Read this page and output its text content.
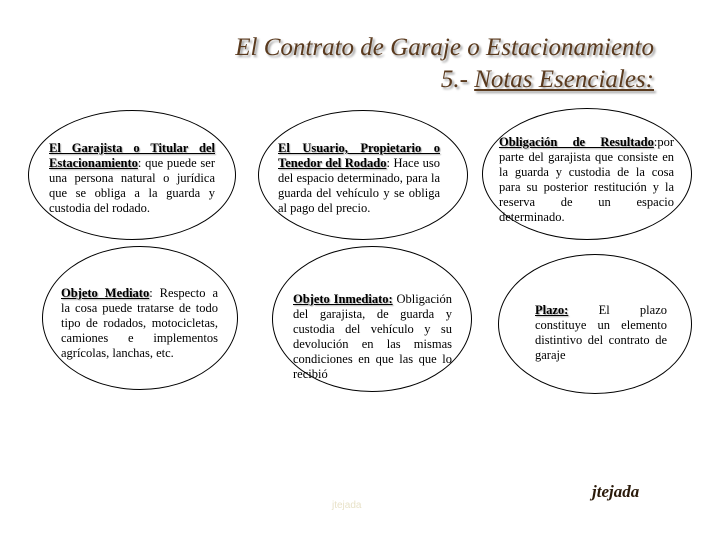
El Contrato de Garaje o Estacionamiento
5.- Notas Esenciales:
El Garajista o Titular del Estacionamiento: que puede ser una persona natural o jurídica que se obliga a la guarda y custodia del rodado.
El Usuario, Propietario o Tenedor del Rodado: Hace uso del espacio determinado, para la guarda del vehículo y se obliga al pago del precio.
Obligación de Resultado:por parte del garajista que consiste en la guarda y custodia de la cosa para su posterior restitución y la reserva de un espacio determinado.
Objeto Mediato: Respecto a la cosa puede tratarse de todo tipo de rodados, motocicletas, camiones e implementos agrícolas, lanchas, etc.
Objeto Inmediato: Obligación del garajista, de guarda y custodia del vehículo y su devolución en las mismas condiciones en que las que lo recibió
Plazo: El plazo constituye un elemento distintivo del contrato de garaje
jtejada
jtejada
